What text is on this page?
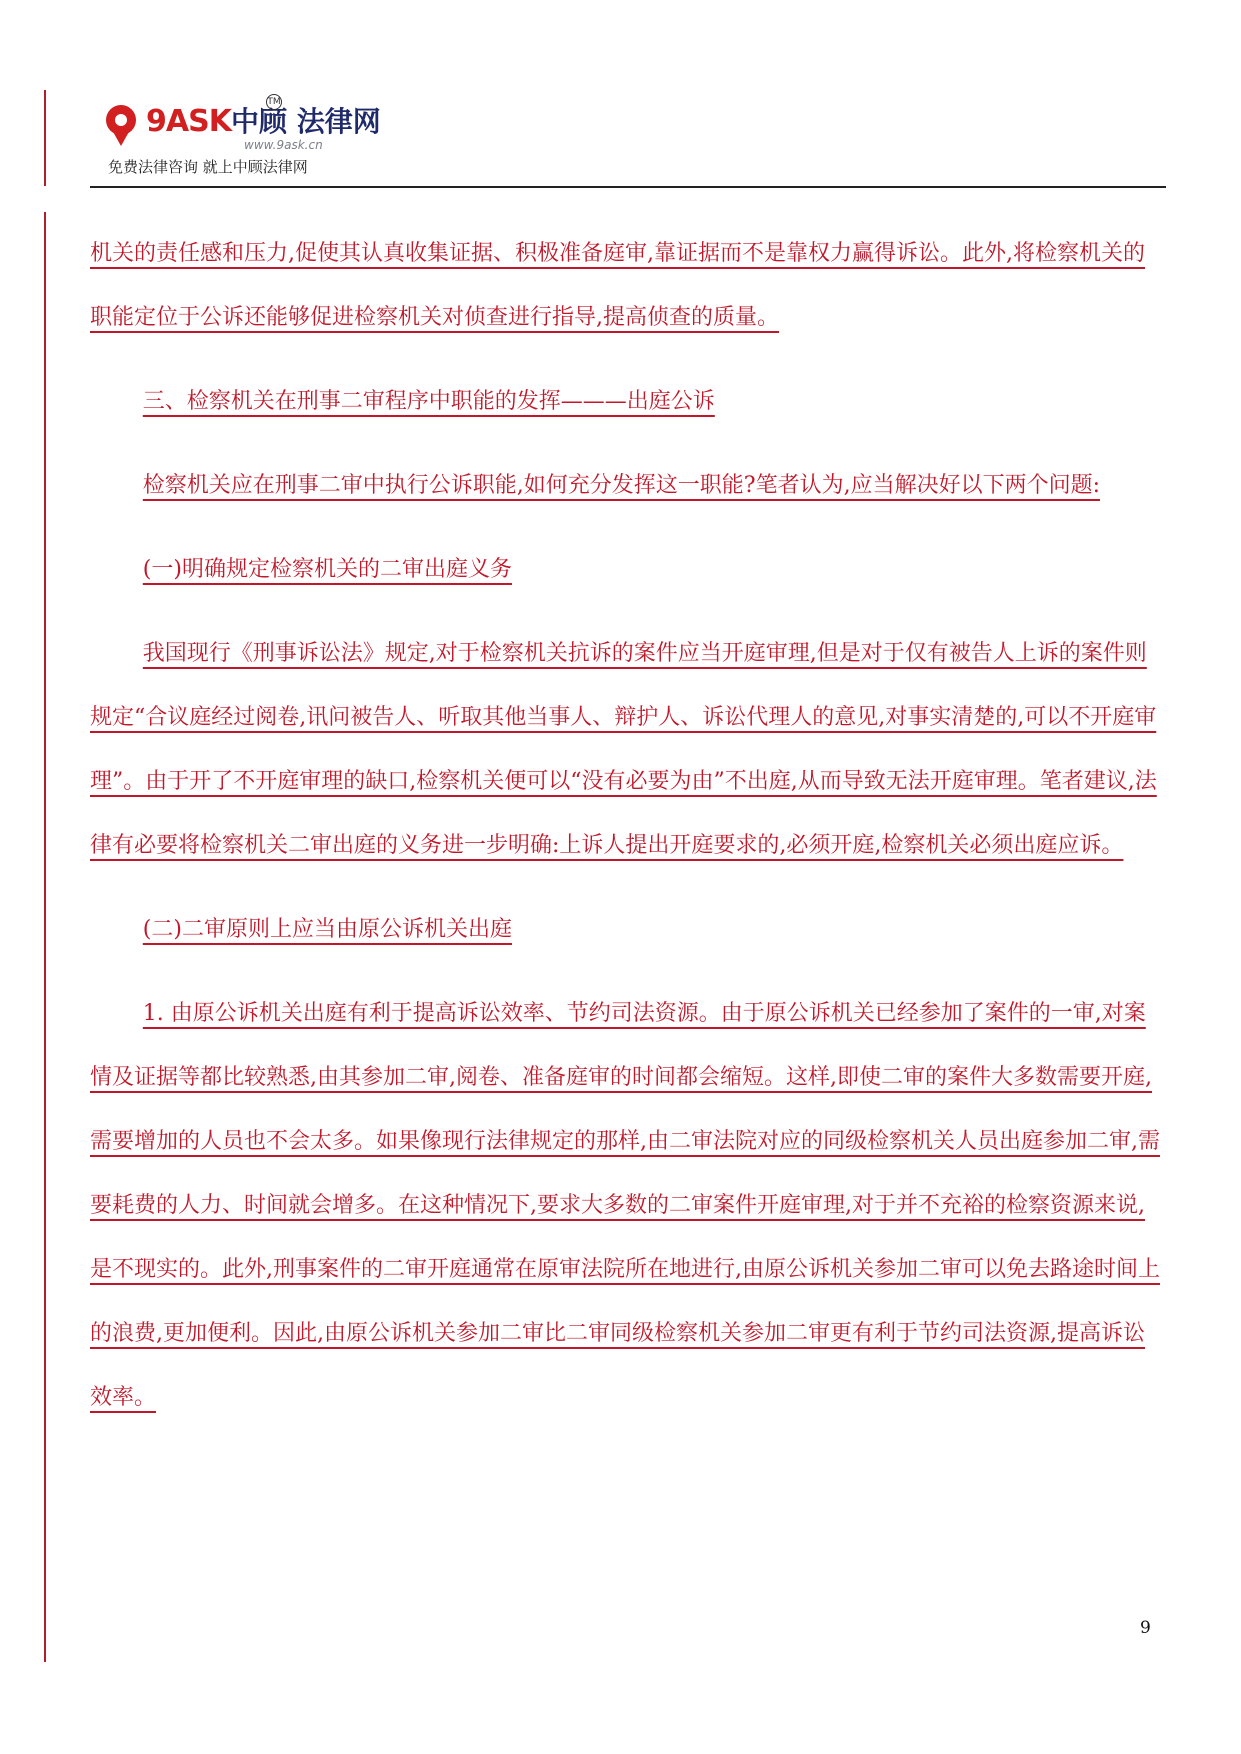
9ASK中顾 法律网
TM
www.9ask.cn
免费法律咨询 就上中顾法律网

机关的责任感和压力,促使其认真收集证据、积极准备庭审,靠证据而不是靠权力赢得诉讼。此外,将检察机关的职能定位于公诉还能够促进检察机关对侦查进行指导,提高侦查的质量。

三、检察机关在刑事二审程序中职能的发挥———出庭公诉

检察机关应在刑事二审中执行公诉职能,如何充分发挥这一职能?笔者认为,应当解决好以下两个问题:

(一)明确规定检察机关的二审出庭义务

我国现行《刑事诉讼法》规定,对于检察机关抗诉的案件应当开庭审理,但是对于仅有被告人上诉的案件则规定“合议庭经过阅卷,讯问被告人、听取其他当事人、辩护人、诉讼代理人的意见,对事实清楚的,可以不开庭审理”。由于开了不开庭审理的缺口,检察机关便可以“没有必要为由”不出庭,从而导致无法开庭审理。笔者建议,法律有必要将检察机关二审出庭的义务进一步明确:上诉人提出开庭要求的,必须开庭,检察机关必须出庭应诉。

(二)二审原则上应当由原公诉机关出庭

1. 由原公诉机关出庭有利于提高诉讼效率、节约司法资源。由于原公诉机关已经参加了案件的一审,对案情及证据等都比较熟悉,由其参加二审,阅卷、准备庭审的时间都会缩短。这样,即使二审的案件大多数需要开庭,需要增加的人员也不会太多。如果像现行法律规定的那样,由二审法院对应的同级检察机关人员出庭参加二审,需要耗费的人力、时间就会增多。在这种情况下,要求大多数的二审案件开庭审理,对于并不充裕的检察资源来说,是不现实的。此外,刑事案件的二审开庭通常在原审法院所在地进行,由原公诉机关参加二审可以免去路途时间上的浪费,更加便利。因此,由原公诉机关参加二审比二审同级检察机关参加二审更有利于节约司法资源,提高诉讼效率。

9
